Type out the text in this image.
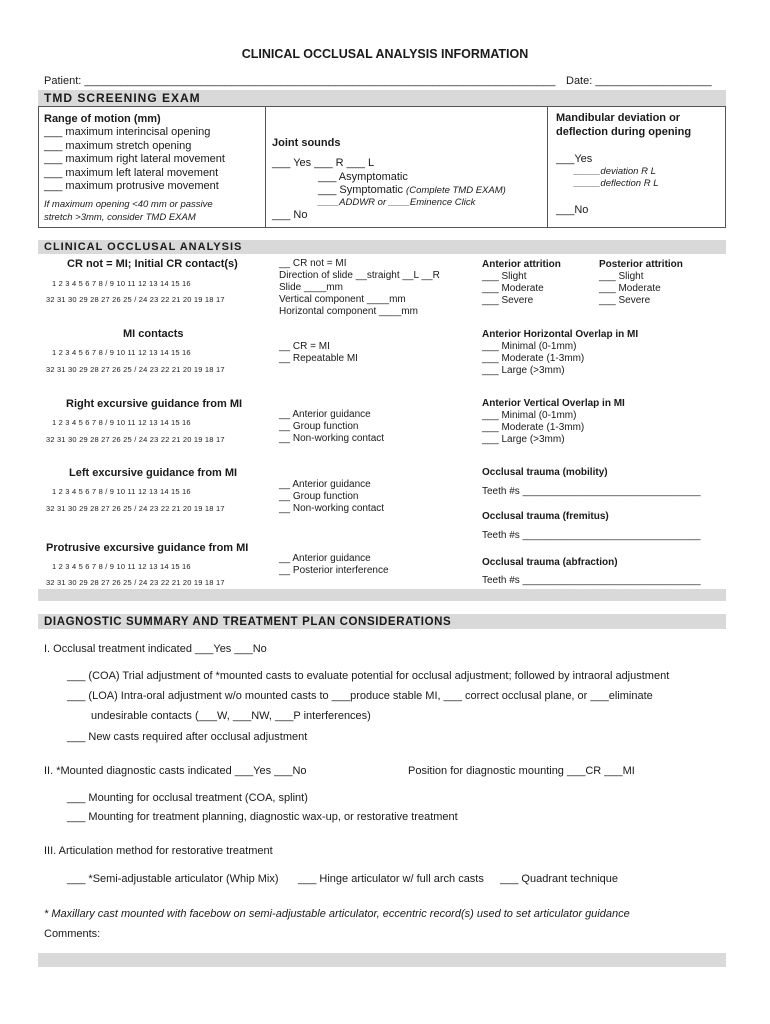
CLINICAL OCCLUSAL ANALYSIS INFORMATION
Patient: _____________________________________________________________________________ Date: ___________________
TMD SCREENING EXAM
Range of motion (mm)
___ maximum interincisal opening
___ maximum stretch opening
___ maximum right lateral movement
___ maximum left lateral movement
___ maximum protrusive movement
If maximum opening <40 mm or passive
stretch >3mm, consider TMD EXAM
Joint sounds
___ Yes ___ R ___ L
___ Asymptomatic
___ Symptomatic (Complete TMD EXAM)
____ADDWR or ____Eminence Click
___ No
Mandibular deviation or
deflection during opening
___Yes
_____deviation R L
_____deflection R L
___No
CLINICAL OCCLUSAL ANALYSIS
CR not = MI; Initial CR contact(s)
1 2 3 4 5 6 7 8 / 9 10 11 12 13 14 15 16
32 31 30 29 28 27 26 25 / 24 23 22 21 20 19 18 17
__ CR not = MI
Direction of slide __straight __L __R
Slide ____mm
Vertical component ____mm
Horizontal component ____mm
Anterior attrition
___ Slight
___ Moderate
___ Severe
Posterior attrition
___ Slight
___ Moderate
___ Severe
MI contacts
1 2 3 4 5 6 7 8 / 9 10 11 12 13 14 15 16
32 31 30 29 28 27 26 25 / 24 23 22 21 20 19 18 17
__ CR = MI
__ Repeatable MI
Anterior Horizontal Overlap in MI
___ Minimal (0-1mm)
___ Moderate (1-3mm)
___ Large (>3mm)
Right excursive guidance from MI
1 2 3 4 5 6 7 8 / 9 10 11 12 13 14 15 16
32 31 30 29 28 27 26 25 / 24 23 22 21 20 19 18 17
__ Anterior guidance
__ Group function
__ Non-working contact
Anterior Vertical Overlap in MI
___ Minimal (0-1mm)
___ Moderate (1-3mm)
___ Large (>3mm)
Left excursive guidance from MI
1 2 3 4 5 6 7 8 / 9 10 11 12 13 14 15 16
32 31 30 29 28 27 26 25 / 24 23 22 21 20 19 18 17
__ Anterior guidance
__ Group function
__ Non-working contact
Occlusal trauma (mobility)
Teeth #s ________________________________
Occlusal trauma (fremitus)
Teeth #s ________________________________
Protrusive excursive guidance from MI
1 2 3 4 5 6 7 8 / 9 10 11 12 13 14 15 16
32 31 30 29 28 27 26 25 / 24 23 22 21 20 19 18 17
__ Anterior guidance
__ Posterior interference
Occlusal trauma (abfraction)
Teeth #s ________________________________
DIAGNOSTIC SUMMARY AND TREATMENT PLAN CONSIDERATIONS
I. Occlusal treatment indicated ___Yes ___No
___ (COA) Trial adjustment of *mounted casts to evaluate potential for occlusal adjustment; followed by intraoral adjustment
___ (LOA) Intra-oral adjustment w/o mounted casts to ___produce stable MI, ___ correct occlusal plane, or ___eliminate
undesirable contacts (___W, ___NW, ___P interferences)
___ New casts required after occlusal adjustment
II. *Mounted diagnostic casts indicated ___Yes ___No	Position for diagnostic mounting ___CR ___MI
___ Mounting for occlusal treatment (COA, splint)
___ Mounting for treatment planning, diagnostic wax-up, or restorative treatment
III. Articulation method for restorative treatment
___ *Semi-adjustable articulator (Whip Mix) ___ Hinge articulator w/ full arch casts ___ Quadrant technique
* Maxillary cast mounted with facebow on semi-adjustable articulator, eccentric record(s) used to set articulator guidance
Comments:
